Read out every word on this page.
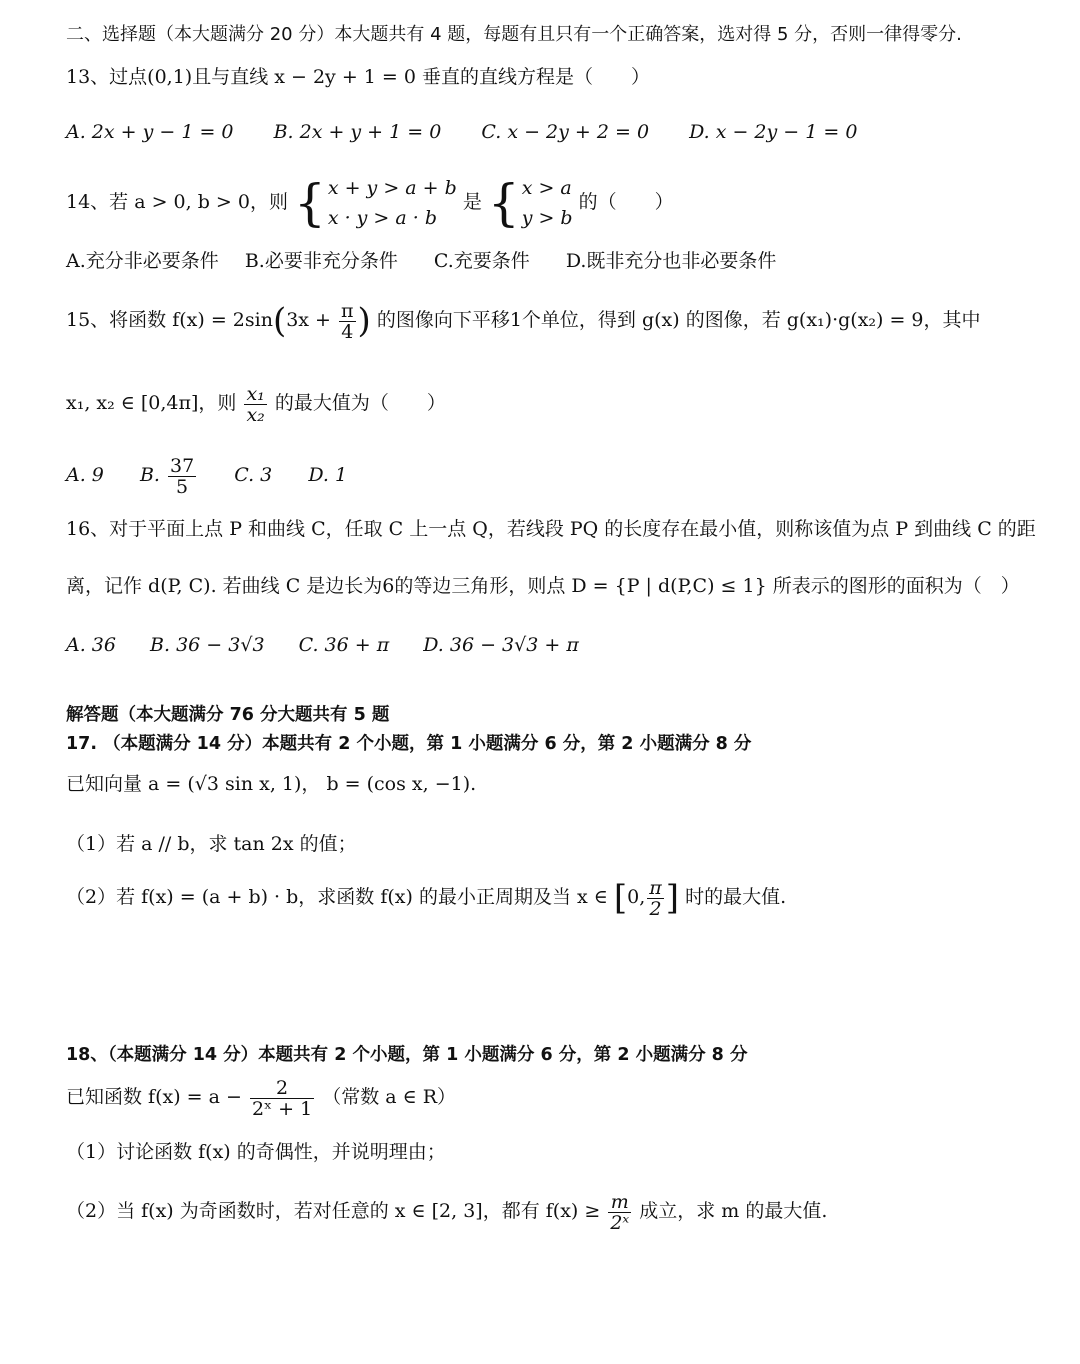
二、选择题（本大题满分 20 分）本大题共有 4 题，每题有且只有一个正确答案，选对得 5 分，否则一律得零分.
13、过点(0,1)且与直线 x − 2y + 1 = 0 垂直的直线方程是（　　）
A. 2x + y − 1 = 0 B. 2x + y + 1 = 0 C. x − 2y + 2 = 0 D. x − 2y − 1 = 0
14、若 a > 0, b > 0，则 { x + y > a + b
x · y > a · b
是 { x > a
y > b
的（　　）
A.充分非必要条件 B.必要非充分条件 C.充要条件 D.既非充分也非必要条件
15、将函数 $f(x) = 2\sin(3x + \frac{\pi}{4}$ ) 的图像向下平移1个单位，得到 g(x) 的图像，若 g(x₁)·g(x₂) = 9，其中
x₁, x₂ ∈ [0,4π]，则 $\frac{\text{x₁}}{\text{x₂}}$ 的最大值为（　　）
A. 9 B. $\frac{37}{5} C$. 3 D. 1
16、对于平面上点 P 和曲线 C，任取 C 上一点 Q，若线段 PQ 的长度存在最小值，则称该值为点 P 到曲线 C 的距
离，记作 d(P, C). 若曲线 C 是边长为6的等边三角形，则点 D = {P | d(P,C) ≤ 1} 所表示的图形的面积为（　）
A. 36 B. 36 − 3√3 C. 36 + π D. 36 − 3√3 + π
解答题（本大题满分 76 分大题共有 5 题
17. （本题满分 14 分）本题共有 2 个小题，第 1 小题满分 6 分，第 2 小题满分 8 分
已知向量 a = (√3 sin x, 1)， b = (cos x, −1).
（1）若 a // b，求 tan 2x 的值；
（2）若 f(x) = (a + b) · b，求函数 f(x) 的最小正周期及当 x ∈ [0, $\frac{\pi}{2}$ ] 时的最大值.
18、（本题满分 14 分）本题共有 2 个小题，第 1 小题满分 6 分，第 2 小题满分 8 分
已知函数 $f(x) = a - \frac{2}{\text{2ˣ + 1}}$ （常数 a ∈ R）
（1）讨论函数 f(x) 的奇偶性，并说明理由；
（2）当 f(x) 为奇函数时，若对任意的 x ∈ [2, 3]，都有 $f(x) \ge \frac{m}{\text{2ˣ}}$ 成立，求 m 的最大值.
